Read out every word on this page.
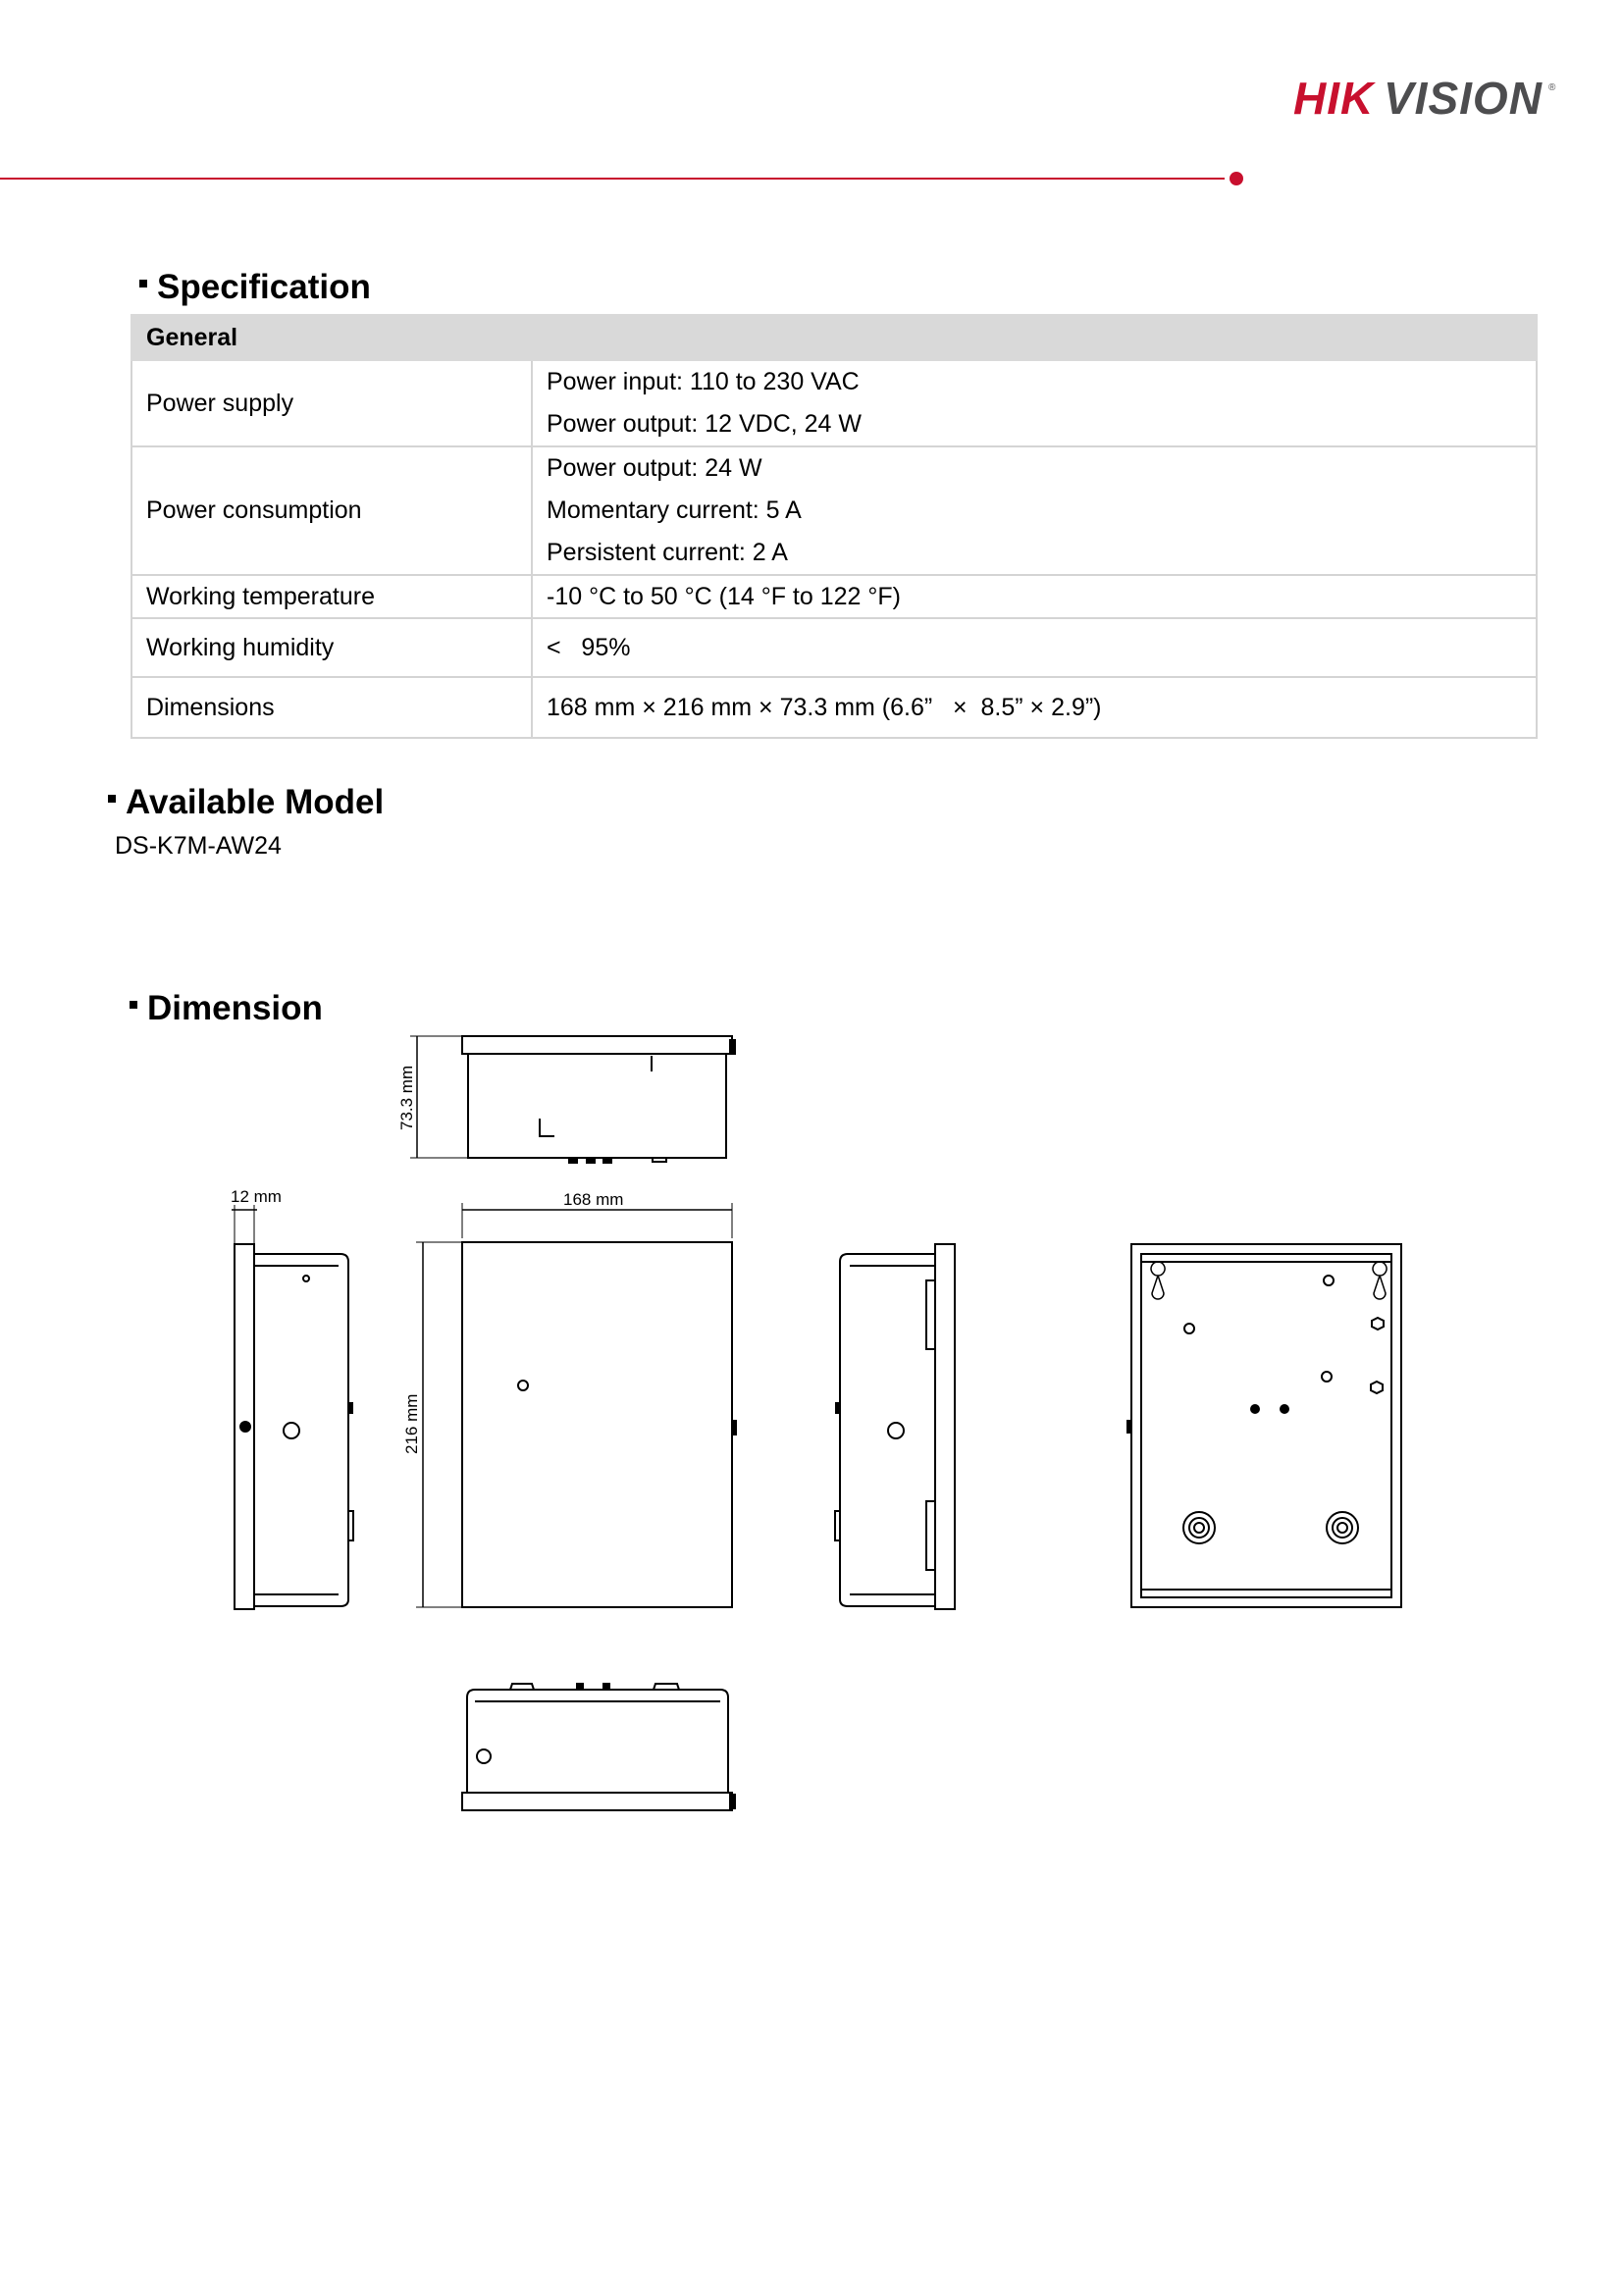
HIK VISION ®
Specification
General	
Power supply	Power input: 110 to 230 VAC
Power output: 12 VDC, 24 W

Power consumption	Power output: 24 W
Momentary current: 5 A
Persistent current: 2 A

Working temperature	-10 °C to 50 °C (14 °F to 122 °F)
Working humidity	<   95%
Dimensions	168 mm × 216 mm × 73.3 mm (6.6”   ×  8.5” × 2.9”)
Available Model
DS-K7M-AW24
Dimension
73.3 mm
168 mm
12 mm
216 mm
